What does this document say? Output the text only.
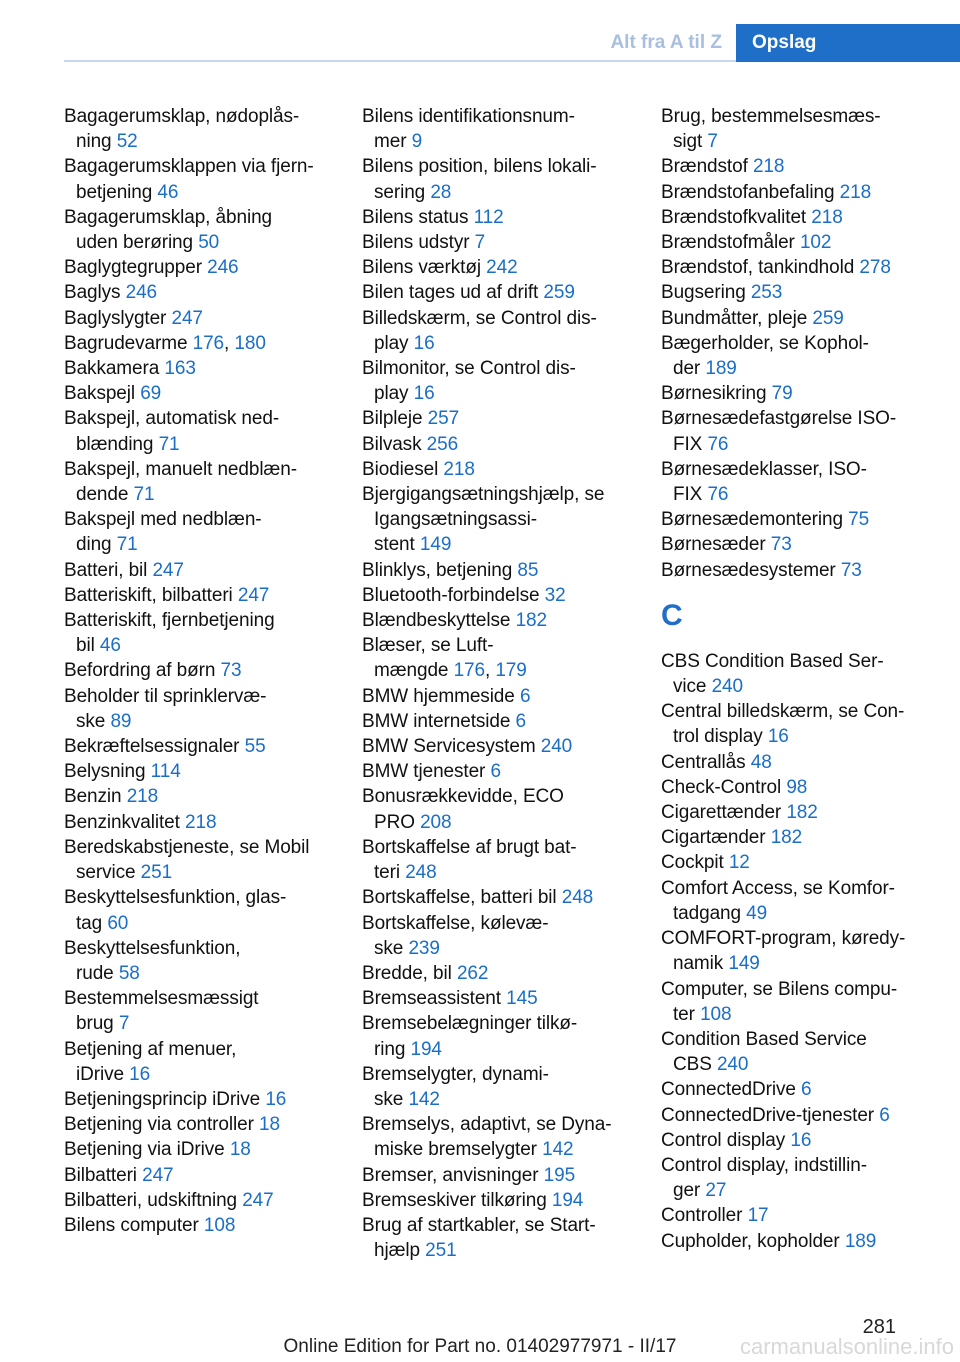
Alt fra A til Z	Opslag
Bagagerumsklap, nødoplås‐
ning 52
Bagagerumsklappen via fjern‐
betjening 46
Bagagerumsklap, åbning
uden berøring 50
Baglygtegrupper 246
Baglys 246
Baglyslygter 247
Bagrudevarme 176, 180
Bakkamera 163
Bakspejl 69
Bakspejl, automatisk ned‐
blænding 71
Bakspejl, manuelt nedblæn‐
dende 71
Bakspejl med nedblæn‐
ding 71
Batteri, bil 247
Batteriskift, bilbatteri 247
Batteriskift, fjernbetjening
bil 46
Befordring af børn 73
Beholder til sprinklervæ‐
ske 89
Bekræftelsessignaler 55
Belysning 114
Benzin 218
Benzinkvalitet 218
Beredskabstjeneste, se Mobil
service 251
Beskyttelsesfunktion, glas‐
tag 60
Beskyttelsesfunktion,
rude 58
Bestemmelsesmæssigt
brug 7
Betjening af menuer,
iDrive 16
Betjeningsprincip iDrive 16
Betjening via controller 18
Betjening via iDrive 18
Bilbatteri 247
Bilbatteri, udskiftning 247
Bilens computer 108
Bilens identifikationsnum‐
mer 9
Bilens position, bilens lokali‐
sering 28
Bilens status 112
Bilens udstyr 7
Bilens værktøj 242
Bilen tages ud af drift 259
Billedskærm, se Control dis‐
play 16
Bilmonitor, se Control dis‐
play 16
Bilpleje 257
Bilvask 256
Biodiesel 218
Bjergigangsætningshjælp, se
Igangsætningsassi‐
stent 149
Blinklys, betjening 85
Bluetooth-forbindelse 32
Blændbeskyttelse 182
Blæser, se Luft‐
mængde 176, 179
BMW hjemmeside 6
BMW internetside 6
BMW Servicesystem 240
BMW tjenester 6
Bonusrækkevidde, ECO
PRO 208
Bortskaffelse af brugt bat‐
teri 248
Bortskaffelse, batteri bil 248
Bortskaffelse, kølevæ‐
ske 239
Bredde, bil 262
Bremseassistent 145
Bremsebelægninger tilkø‐
ring 194
Bremselygter, dynami‐
ske 142
Bremselys, adaptivt, se Dyna‐
miske bremselygter 142
Bremser, anvisninger 195
Bremseskiver tilkøring 194
Brug af startkabler, se Start‐
hjælp 251
Brug, bestemmelsesmæs‐
sigt 7
Brændstof 218
Brændstofanbefaling 218
Brændstofkvalitet 218
Brændstofmåler 102
Brændstof, tankindhold 278
Bugsering 253
Bundmåtter, pleje 259
Bægerholder, se Kophol‐
der 189
Børnesikring 79
Børnesædefastgørelse ISO‐
FIX 76
Børnesædeklasser, ISO‐
FIX 76
Børnesædemontering 75
Børnesæder 73
Børnesædesystemer 73
C
CBS Condition Based Ser‐
vice 240
Central billedskærm, se Con‐
trol display 16
Centrallås 48
Check-Control 98
Cigarettænder 182
Cigartænder 182
Cockpit 12
Comfort Access, se Komfor‐
tadgang 49
COMFORT-program, køredy‐
namik 149
Computer, se Bilens compu‐
ter 108
Condition Based Service
CBS 240
ConnectedDrive 6
ConnectedDrive-tjenester 6
Control display 16
Control display, indstillin‐
ger 27
Controller 17
Cupholder, kopholder 189
281
Online Edition for Part no. 01402977971 - II/17	carmanualsonline.info
